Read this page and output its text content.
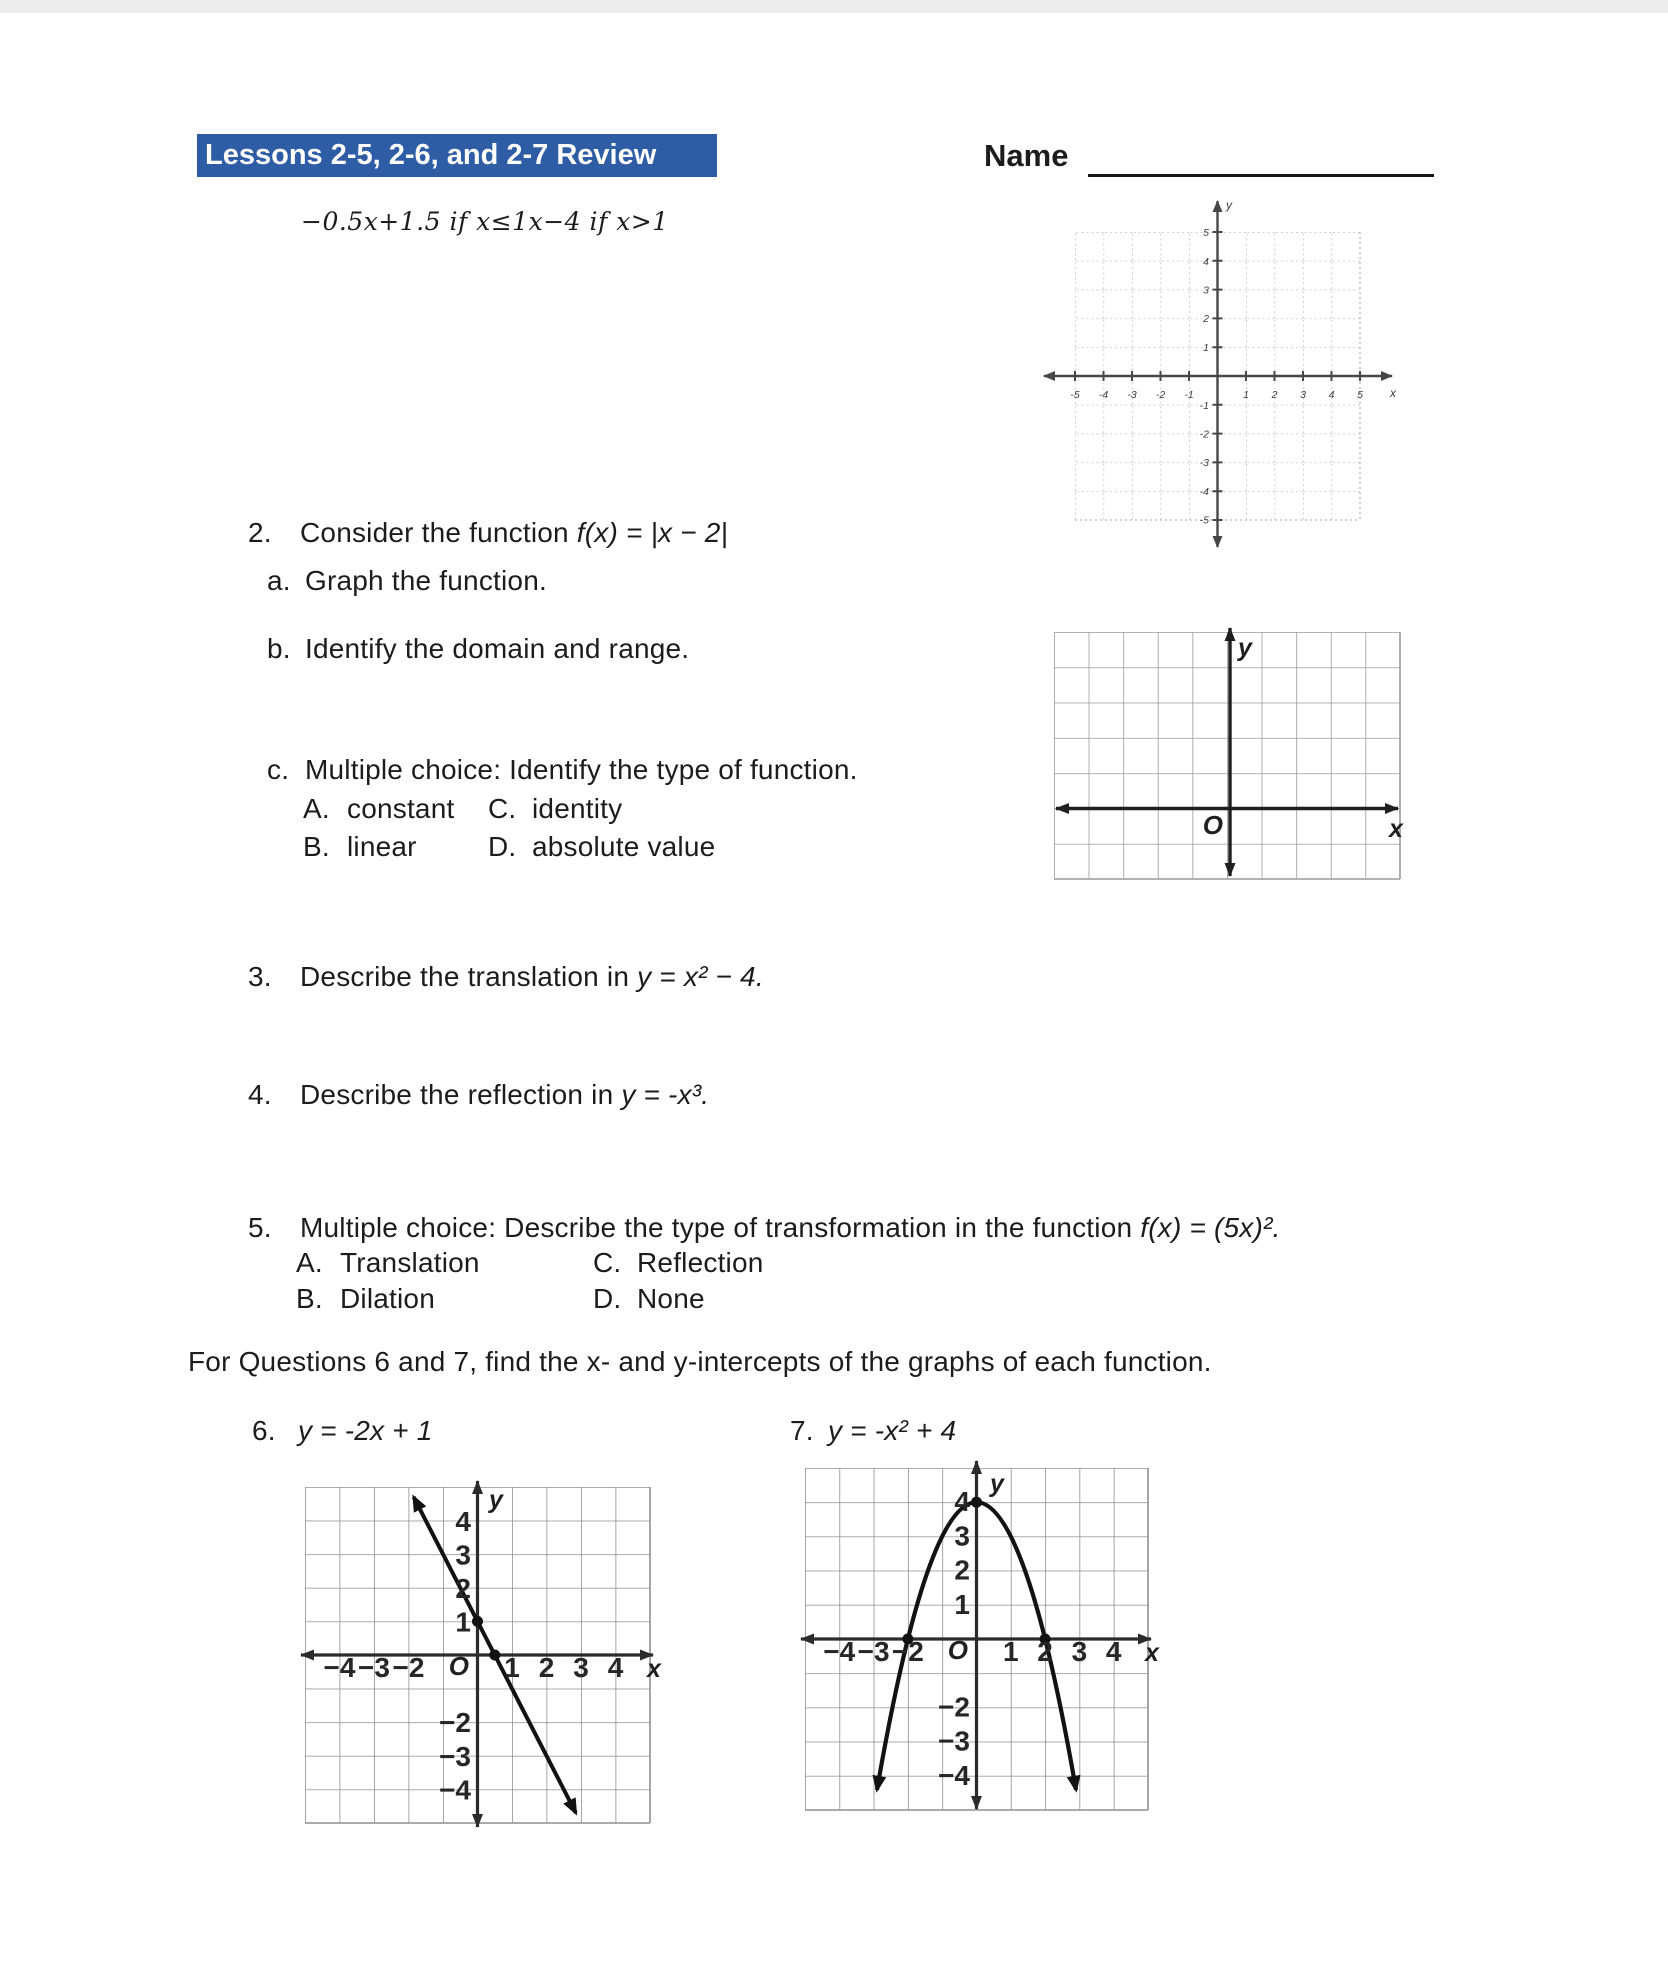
Lessons 2-5, 2-6, and 2-7 Review	Name
−0.5x+1.5 if x≤1x−4 if x>1
-5 -4 -3 -2 -1	1 2 3 4 5
5
4
3
2
1
-1
-2
-3
-4
-5
y
x
2. Consider the function f(x) = |x − 2|
a. Graph the function.
b. Identify the domain and range.
c. Multiple choice: Identify the type of function.
A. constant C. identity
B. linear	D. absolute value
O
y
x
3. Describe the translation in y = x² − 4.
4. Describe the reflection in y = -x³.
5. Multiple choice: Describe the type of transformation in the function f(x) = (5x)².
A. Translation	C. Reflection
B. Dilation	D. None
For Questions 6 and 7, find the x- and y-intercepts of the graphs of each function.
6. y = -2x + 1	7. y = -x² + 4
−4 −3 −2	1 2 3 4
4
3
2
1
−2
−3
−4
O
y
x
−4 −3 −2	1 2 3 4
4
3
2
1
−2
−3
−4
O
y
x
